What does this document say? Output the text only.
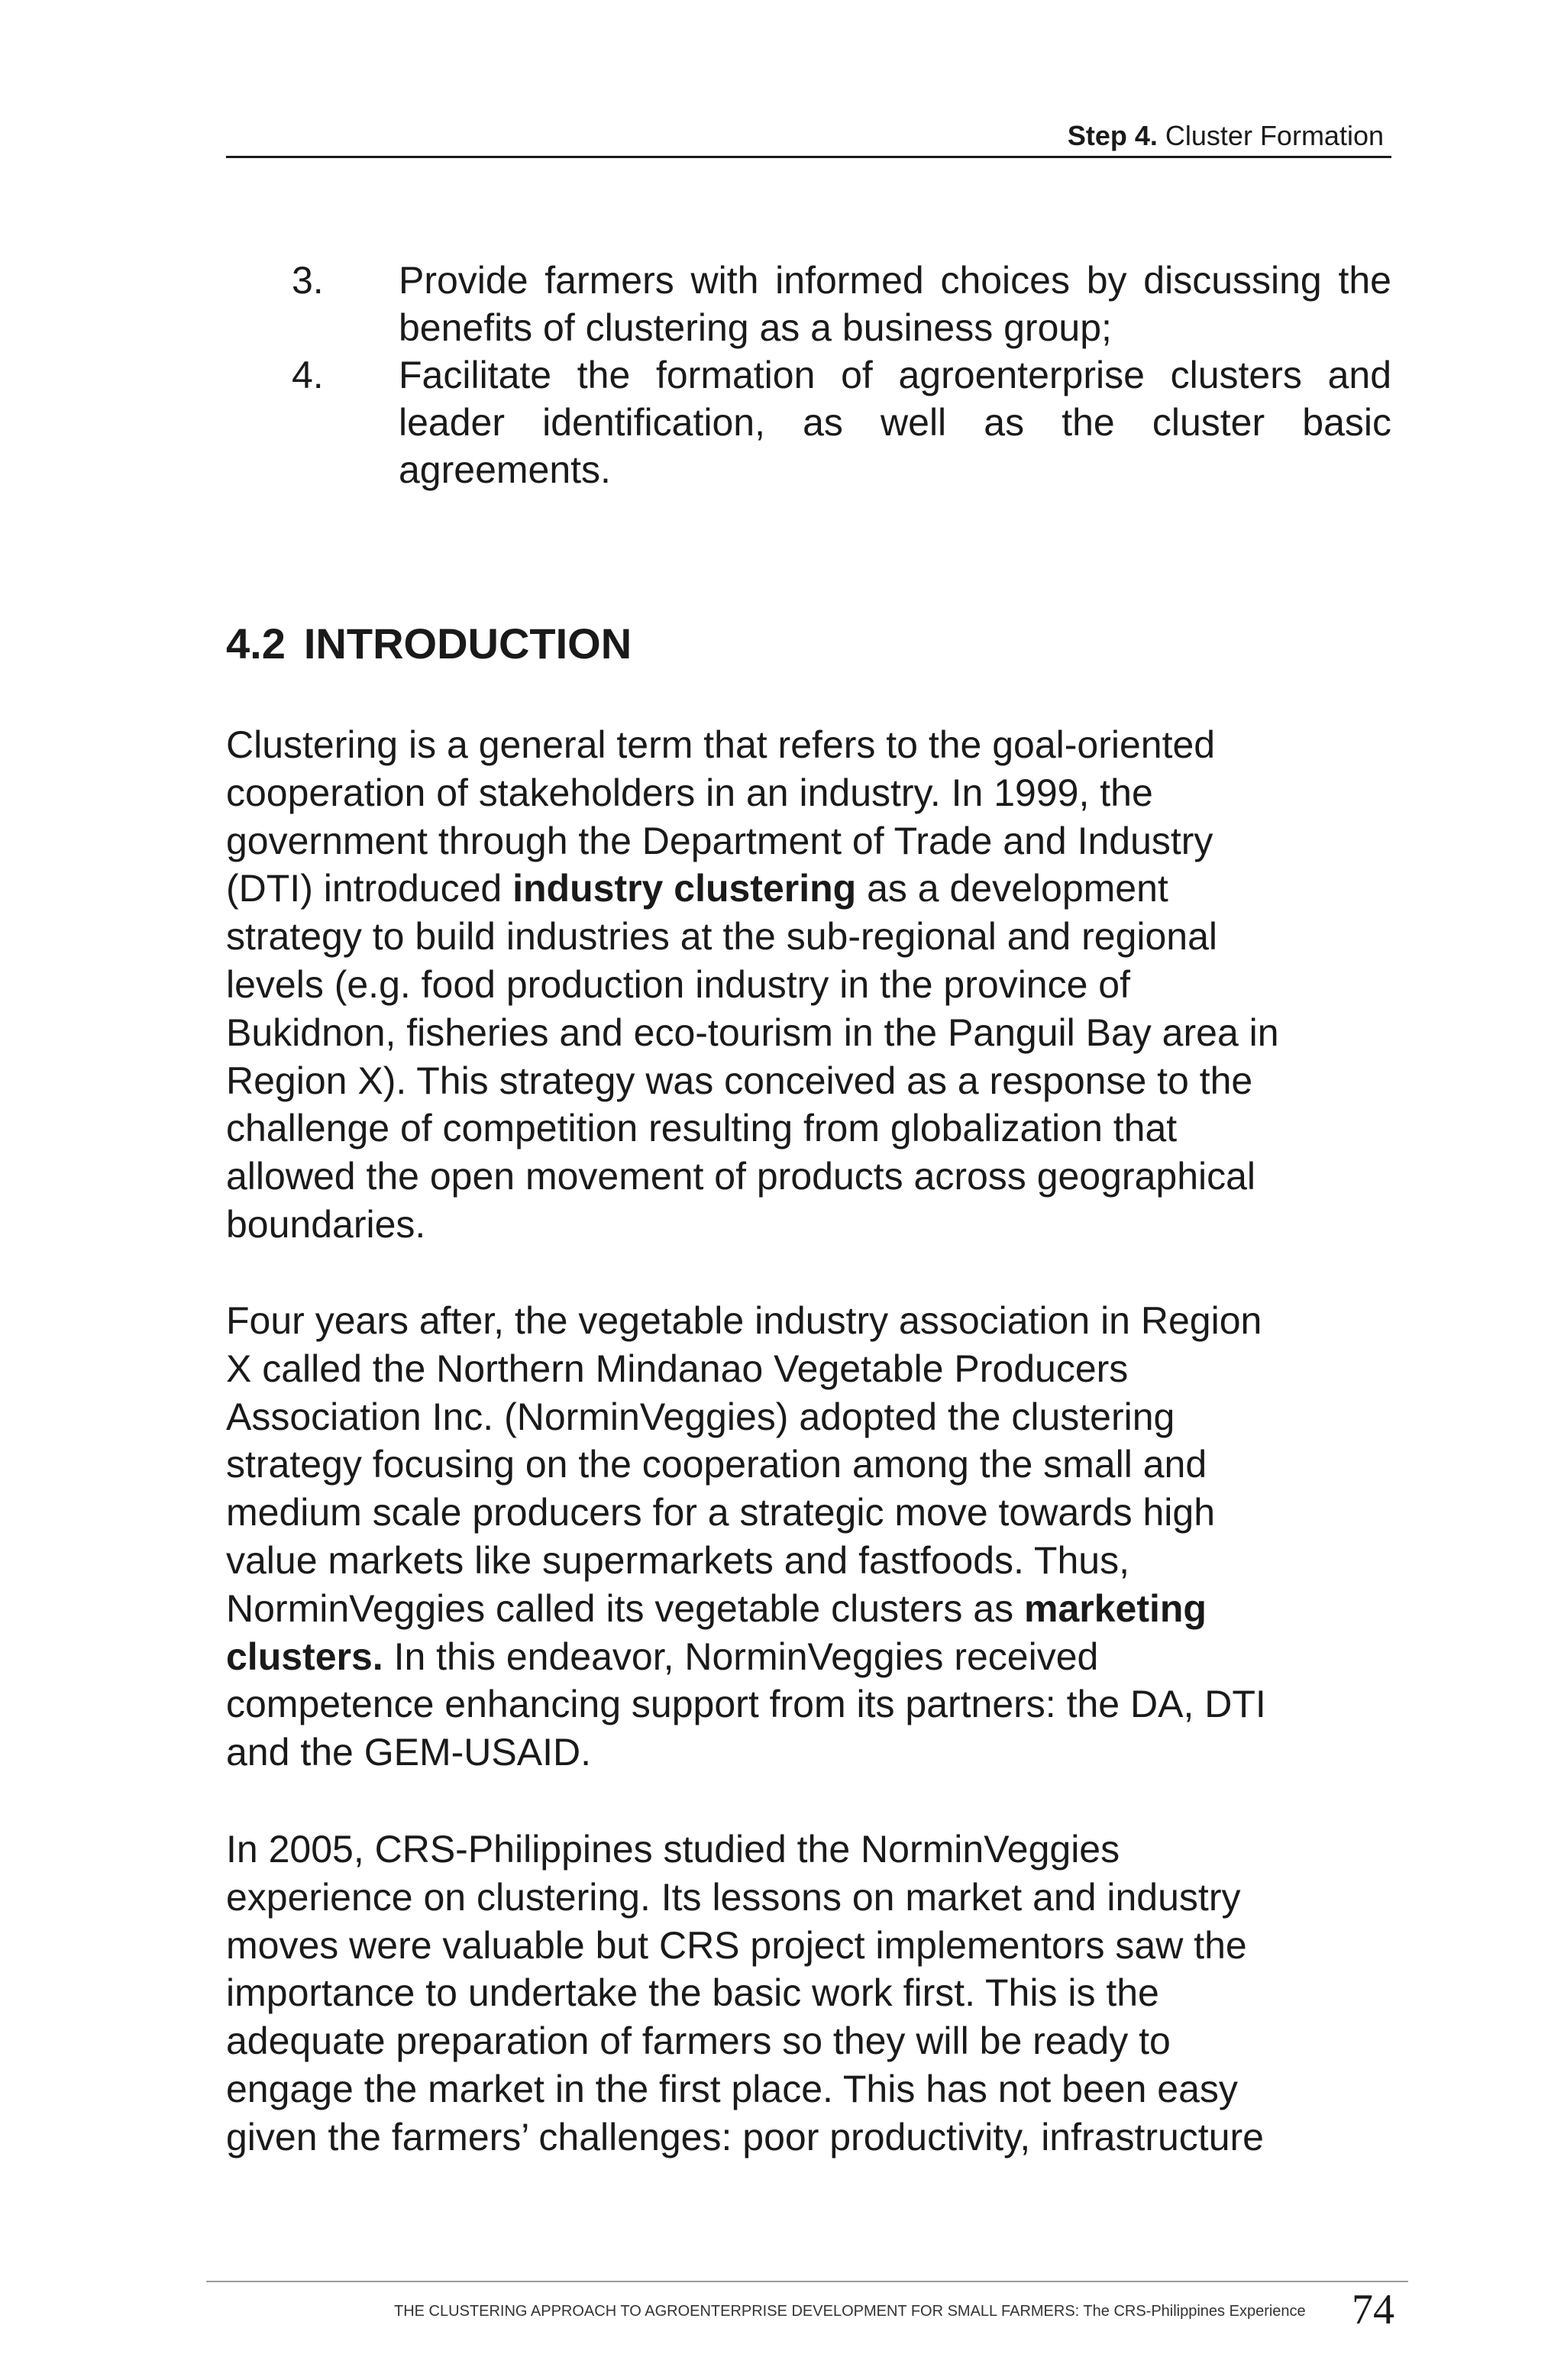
Step 4. Cluster Formation
3. Provide farmers with informed choices by discussing the benefits of clustering as a business group;
4. Facilitate the formation of agroenterprise clusters and leader identification, as well as the cluster basic agreements.
4.2 INTRODUCTION

Clustering is a general term that refers to the goal-oriented
cooperation of stakeholders in an industry. In 1999, the
government through the Department of Trade and Industry
(DTI) introduced industry clustering as a development
strategy to build industries at the sub-regional and regional
levels (e.g. food production industry in the province of
Bukidnon, fisheries and eco-tourism in the Panguil Bay area in
Region X). This strategy was conceived as a response to the
challenge of competition resulting from globalization that
allowed the open movement of products across geographical
boundaries.

Four years after, the vegetable industry association in Region
X called the Northern Mindanao Vegetable Producers
Association Inc. (NorminVeggies) adopted the clustering
strategy focusing on the cooperation among the small and
medium scale producers for a strategic move towards high
value markets like supermarkets and fastfoods. Thus,
NorminVeggies called its vegetable clusters as marketing
clusters. In this endeavor, NorminVeggies received
competence enhancing support from its partners: the DA, DTI
and the GEM-USAID.

In 2005, CRS-Philippines studied the NorminVeggies
experience on clustering. Its lessons on market and industry
moves were valuable but CRS project implementors saw the
importance to undertake the basic work first. This is the
adequate preparation of farmers so they will be ready to
engage the market in the first place. This has not been easy
given the farmers’ challenges: poor productivity, infrastructure

THE CLUSTERING APPROACH TO AGROENTERPRISE DEVELOPMENT FOR SMALL FARMERS: The CRS-Philippines Experience 74
